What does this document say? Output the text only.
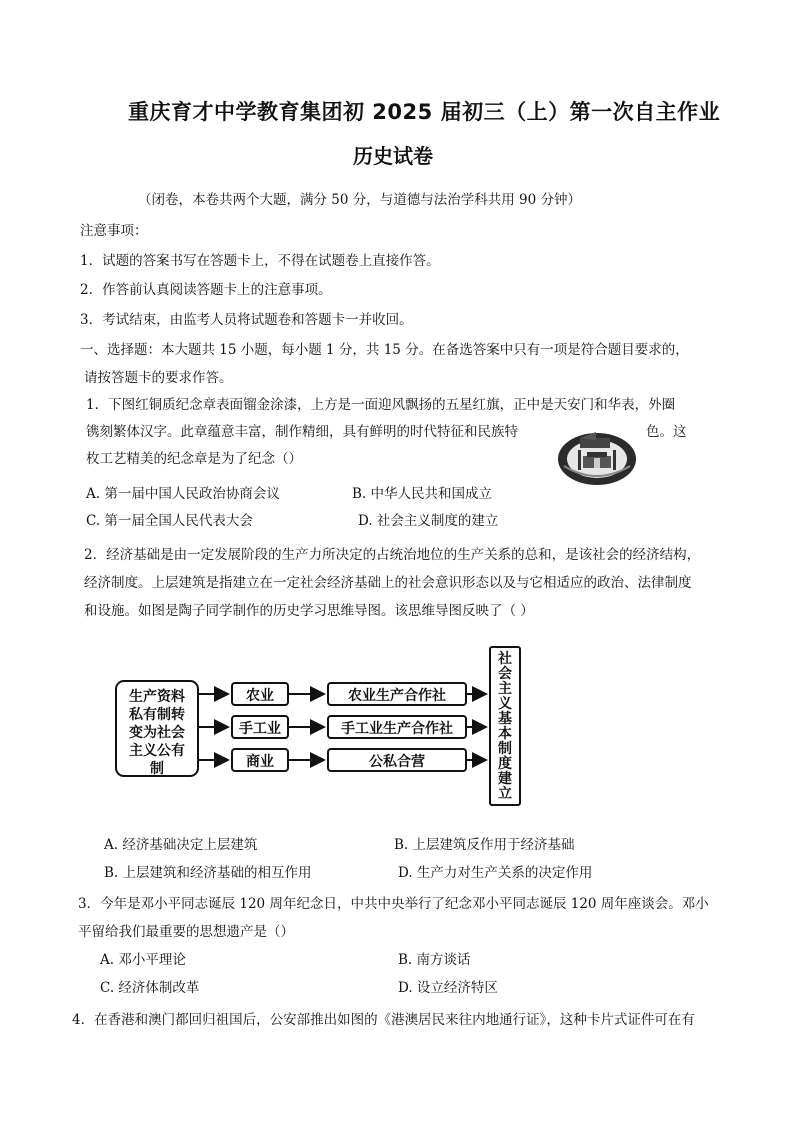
重庆育才中学教育集团初 2025 届初三（上）第一次自主作业
历史试卷
（闭卷，本卷共两个大题，满分 50 分，与道德与法治学科共用 90 分钟）
注意事项：
1．试题的答案书写在答题卡上，不得在试题卷上直接作答。
2．作答前认真阅读答题卡上的注意事项。
3．考试结束，由监考人员将试题卷和答题卡一并收回。
一、选择题：本大题共 15 小题，每小题 1 分，共 15 分。在备选答案中只有一项是符合题目要求的，
请按答题卡的要求作答。
1．下图红铜质纪念章表面镏金涂漆，上方是一面迎风飘扬的五星红旗，正中是天安门和华表，外圈
镌刻繁体汉字。此章蕴意丰富，制作精细，具有鲜明的时代特征和民族特	色。这
枚工艺精美的纪念章是为了纪念（）
A. 第一届中国人民政治协商会议	B. 中华人民共和国成立
C. 第一届全国人民代表大会	D. 社会主义制度的建立
2．经济基础是由一定发展阶段的生产力所决定的占统治地位的生产关系的总和，是该社会的经济结构，
经济制度。上层建筑是指建立在一定社会经济基础上的社会意识形态以及与它相适应的政治、法律制度
和设施。如图是陶子同学制作的历史学习思维导图。该思维导图反映了（ ）
生产资料
私有制转
变为社会
主义公有
制
农业
手工业
商业
农业生产合作社
手工业生产合作社
公私合营
社
会
主
义
基
本
制
度
建
立
A. 经济基础决定上层建筑	B. 上层建筑反作用于经济基础
B. 上层建筑和经济基础的相互作用	D. 生产力对生产关系的决定作用
3．今年是邓小平同志诞辰 120 周年纪念日，中共中央举行了纪念邓小平同志诞辰 120 周年座谈会。邓小
平留给我们最重要的思想遗产是（）
A. 邓小平理论	B. 南方谈话
C. 经济体制改革	D. 设立经济特区
4．在香港和澳门都回归祖国后，公安部推出如图的《港澳居民来往内地通行证》，这种卡片式证件可在有
